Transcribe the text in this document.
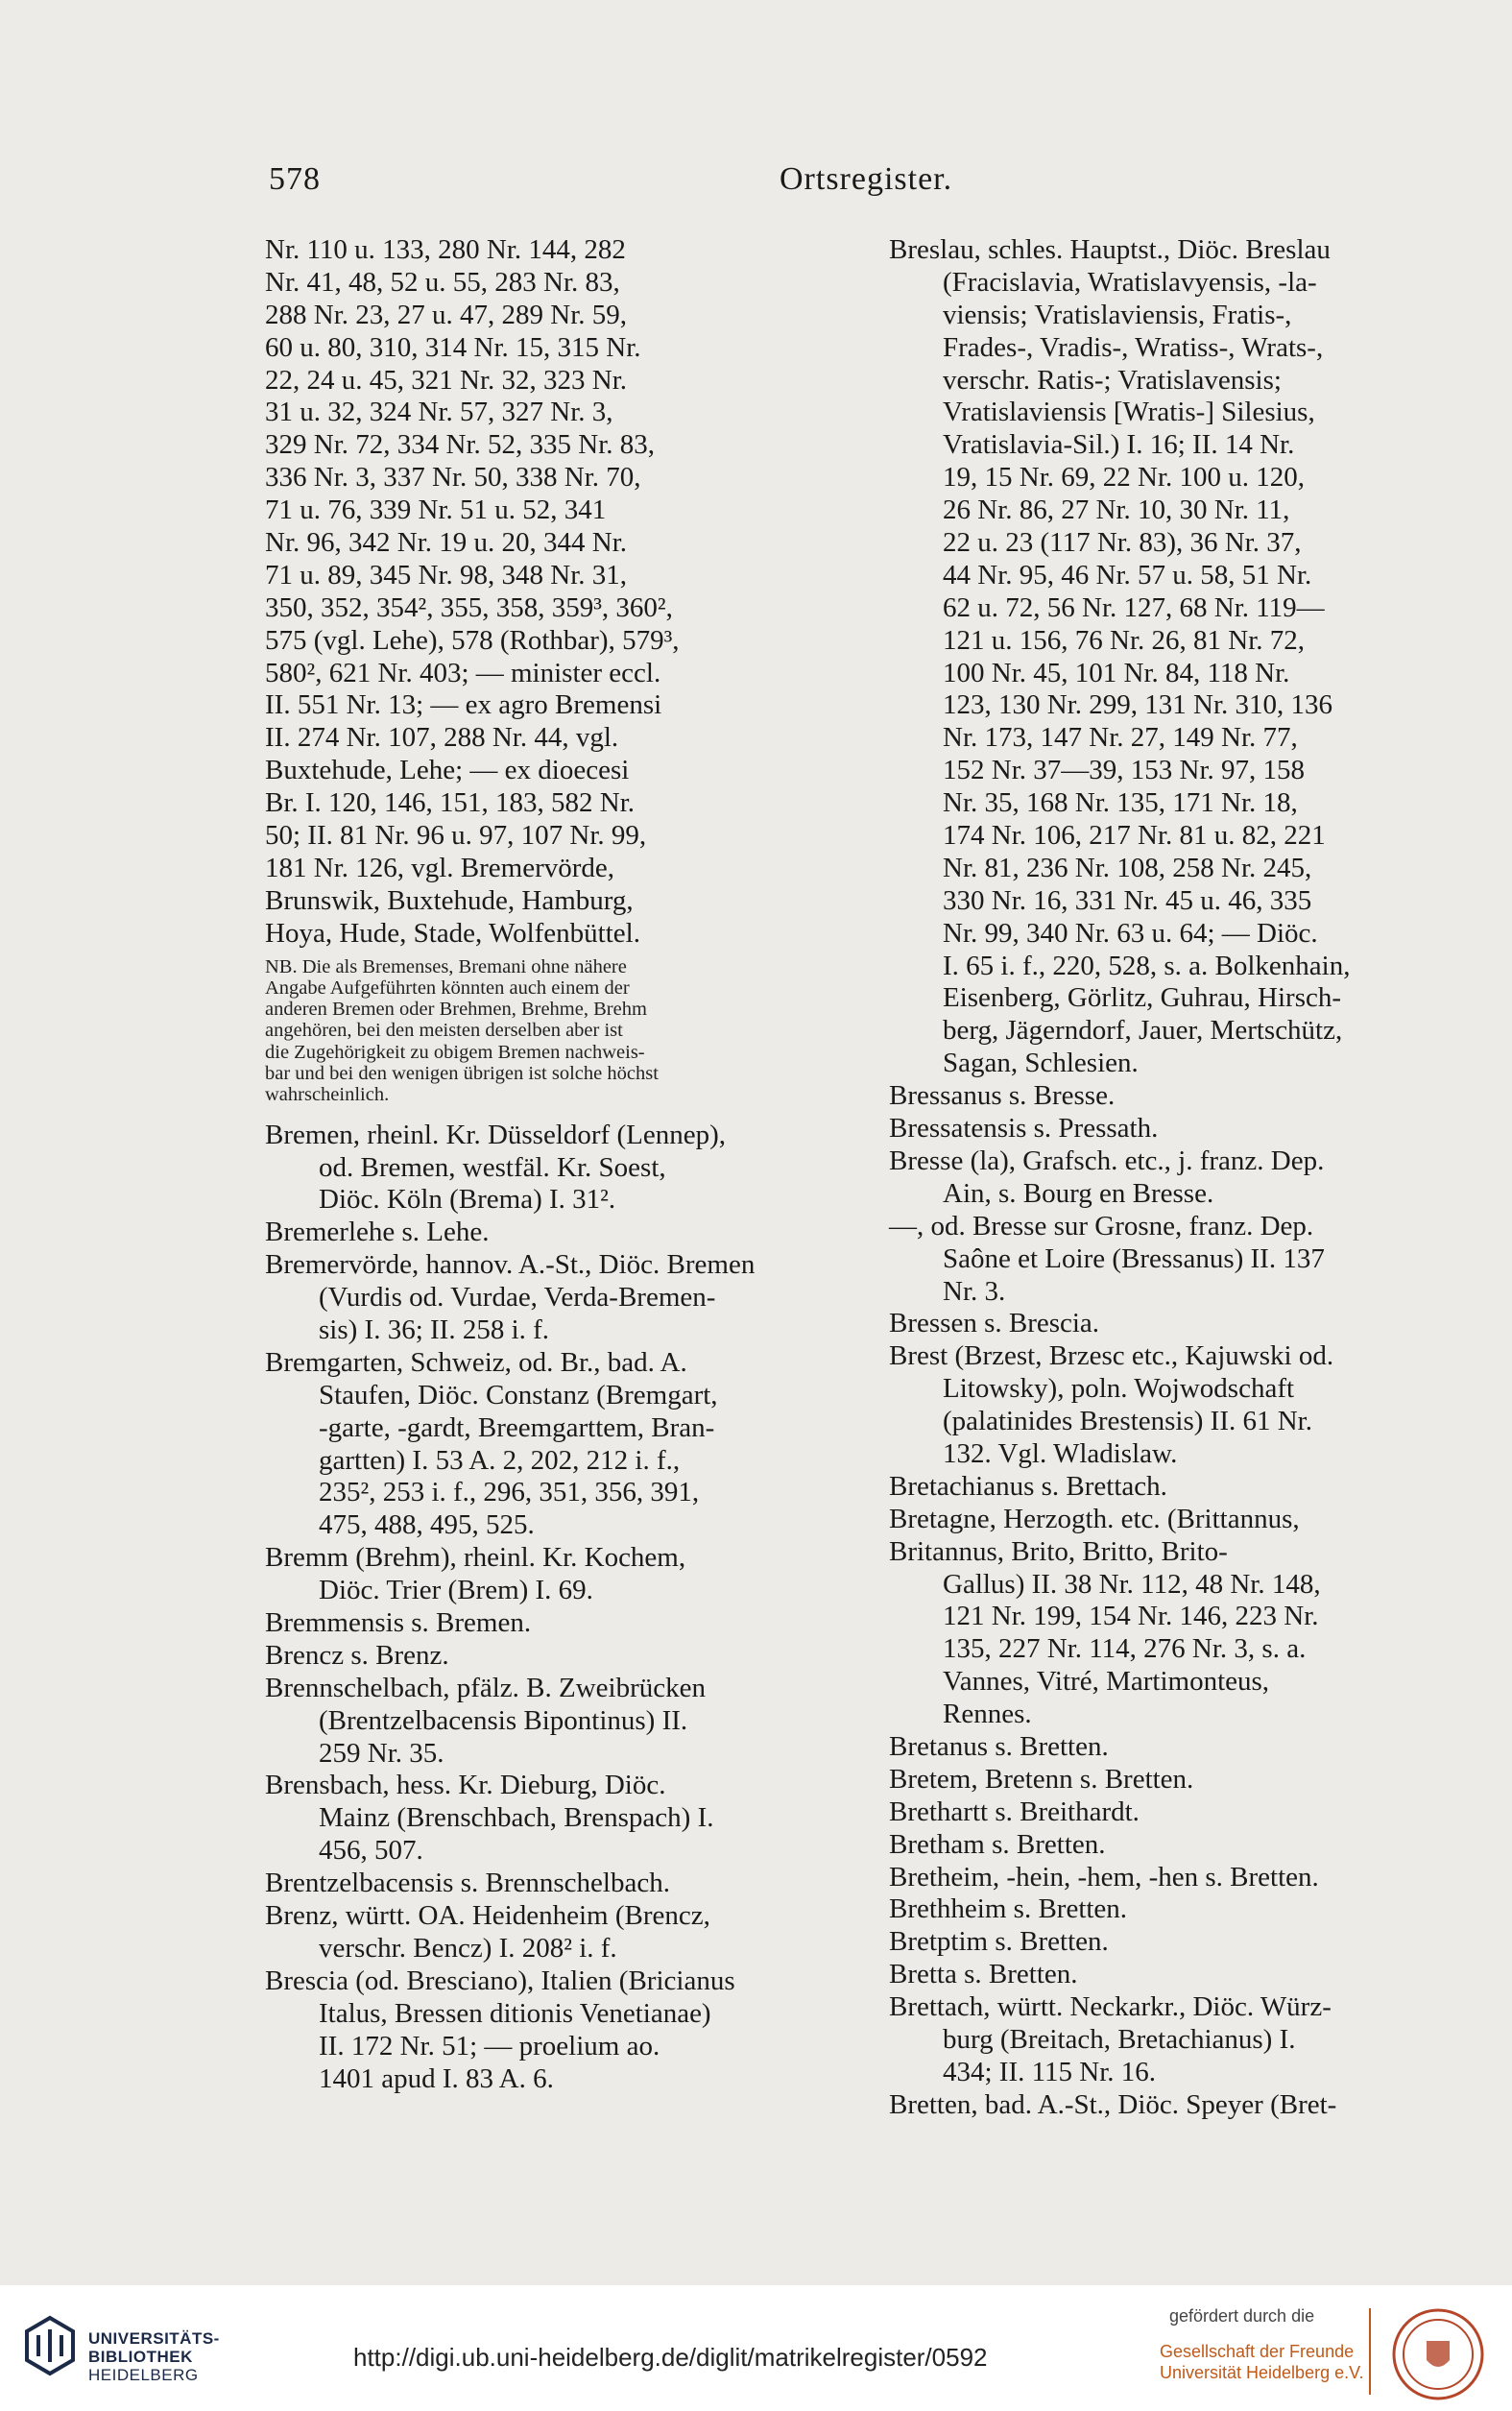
578	Ortsregister.
Nr. 110 u. 133, 280 Nr. 144, 282
Nr. 41, 48, 52 u. 55, 283 Nr. 83,
288 Nr. 23, 27 u. 47, 289 Nr. 59,
60 u. 80, 310, 314 Nr. 15, 315 Nr.
22, 24 u. 45, 321 Nr. 32, 323 Nr.
31 u. 32, 324 Nr. 57, 327 Nr. 3,
329 Nr. 72, 334 Nr. 52, 335 Nr. 83,
336 Nr. 3, 337 Nr. 50, 338 Nr. 70,
71 u. 76, 339 Nr. 51 u. 52, 341
Nr. 96, 342 Nr. 19 u. 20, 344 Nr.
71 u. 89, 345 Nr. 98, 348 Nr. 31,
350, 352, 354², 355, 358, 359³, 360²,
575 (vgl. Lehe), 578 (Rothbar), 579³,
580², 621 Nr. 403; — minister eccl.
II. 551 Nr. 13; — ex agro Bremensi
II. 274 Nr. 107, 288 Nr. 44, vgl.
Buxtehude, Lehe; — ex dioecesi
Br. I. 120, 146, 151, 183, 582 Nr.
50; II. 81 Nr. 96 u. 97, 107 Nr. 99,
181 Nr. 126, vgl. Bremervörde,
Brunswik, Buxtehude, Hamburg,
Hoya, Hude, Stade, Wolfenbüttel.
NB. Die als Bremenses, Bremani ohne nähere
Angabe Aufgeführten könnten auch einem der
anderen Bremen oder Brehmen, Brehme, Brehm
angehören, bei den meisten derselben aber ist
die Zugehörigkeit zu obigem Bremen nachweis-
bar und bei den wenigen übrigen ist solche höchst
wahrscheinlich.
Bremen, rheinl. Kr. Düsseldorf (Lennep),
od. Bremen, westfäl. Kr. Soest,
Diöc. Köln (Brema) I. 31².
Bremerlehe s. Lehe.
Bremervörde, hannov. A.-St., Diöc. Bremen
(Vurdis od. Vurdae, Verda-Bremen-
sis) I. 36; II. 258 i. f.
Bremgarten, Schweiz, od. Br., bad. A.
Staufen, Diöc. Constanz (Bremgart,
-garte, -gardt, Breemgarttem, Bran-
gartten) I. 53 A. 2, 202, 212 i. f.,
235², 253 i. f., 296, 351, 356, 391,
475, 488, 495, 525.
Bremm (Brehm), rheinl. Kr. Kochem,
Diöc. Trier (Brem) I. 69.
Bremmensis s. Bremen.
Brencz s. Brenz.
Brennschelbach, pfälz. B. Zweibrücken
(Brentzelbacensis Bipontinus) II.
259 Nr. 35.
Brensbach, hess. Kr. Dieburg, Diöc.
Mainz (Brenschbach, Brenspach) I.
456, 507.
Brentzelbacensis s. Brennschelbach.
Brenz, württ. OA. Heidenheim (Brencz,
verschr. Bencz) I. 208² i. f.
Brescia (od. Bresciano), Italien (Bricianus
Italus, Bressen ditionis Venetianae)
II. 172 Nr. 51; — proelium ao.
1401 apud I. 83 A. 6.
Breslau, schles. Hauptst., Diöc. Breslau
(Fracislavia, Wratislavyensis, -la-
viensis; Vratislaviensis, Fratis-,
Frades-, Vradis-, Wratiss-, Wrats-,
verschr. Ratis-; Vratislavensis;
Vratislaviensis [Wratis-] Silesius,
Vratislavia-Sil.) I. 16; II. 14 Nr.
19, 15 Nr. 69, 22 Nr. 100 u. 120,
26 Nr. 86, 27 Nr. 10, 30 Nr. 11,
22 u. 23 (117 Nr. 83), 36 Nr. 37,
44 Nr. 95, 46 Nr. 57 u. 58, 51 Nr.
62 u. 72, 56 Nr. 127, 68 Nr. 119—
121 u. 156, 76 Nr. 26, 81 Nr. 72,
100 Nr. 45, 101 Nr. 84, 118 Nr.
123, 130 Nr. 299, 131 Nr. 310, 136
Nr. 173, 147 Nr. 27, 149 Nr. 77,
152 Nr. 37—39, 153 Nr. 97, 158
Nr. 35, 168 Nr. 135, 171 Nr. 18,
174 Nr. 106, 217 Nr. 81 u. 82, 221
Nr. 81, 236 Nr. 108, 258 Nr. 245,
330 Nr. 16, 331 Nr. 45 u. 46, 335
Nr. 99, 340 Nr. 63 u. 64; — Diöc.
I. 65 i. f., 220, 528, s. a. Bolkenhain,
Eisenberg, Görlitz, Guhrau, Hirsch-
berg, Jägerndorf, Jauer, Mertschütz,
Sagan, Schlesien.
Bressanus s. Bresse.
Bressatensis s. Pressath.
Bresse (la), Grafsch. etc., j. franz. Dep.
Ain, s. Bourg en Bresse.
—, od. Bresse sur Grosne, franz. Dep.
Saône et Loire (Bressanus) II. 137
Nr. 3.
Bressen s. Brescia.
Brest (Brzest, Brzesc etc., Kajuwski od.
Litowsky), poln. Wojwodschaft
(palatinides Brestensis) II. 61 Nr.
132. Vgl. Wladislaw.
Bretachianus s. Brettach.
Bretagne, Herzogth. etc. (Brittannus,
Britannus, Brito, Britto, Brito-
Gallus) II. 38 Nr. 112, 48 Nr. 148,
121 Nr. 199, 154 Nr. 146, 223 Nr.
135, 227 Nr. 114, 276 Nr. 3, s. a.
Vannes, Vitré, Martimonteus,
Rennes.
Bretanus s. Bretten.
Bretem, Bretenn s. Bretten.
Brethartt s. Breithardt.
Bretham s. Bretten.
Bretheim, -hein, -hem, -hen s. Bretten.
Brethheim s. Bretten.
Bretptim s. Bretten.
Bretta s. Bretten.
Brettach, württ. Neckarkr., Diöc. Würz-
burg (Breitach, Bretachianus) I.
434; II. 115 Nr. 16.
Bretten, bad. A.-St., Diöc. Speyer (Bret-
UNIVERSITÄTS-
BIBLIOTHEK
HEIDELBERG
http://digi.ub.uni-heidelberg.de/diglit/matrikelregister/0592
gefördert durch die
Gesellschaft der Freunde
Universität Heidelberg e.V.
